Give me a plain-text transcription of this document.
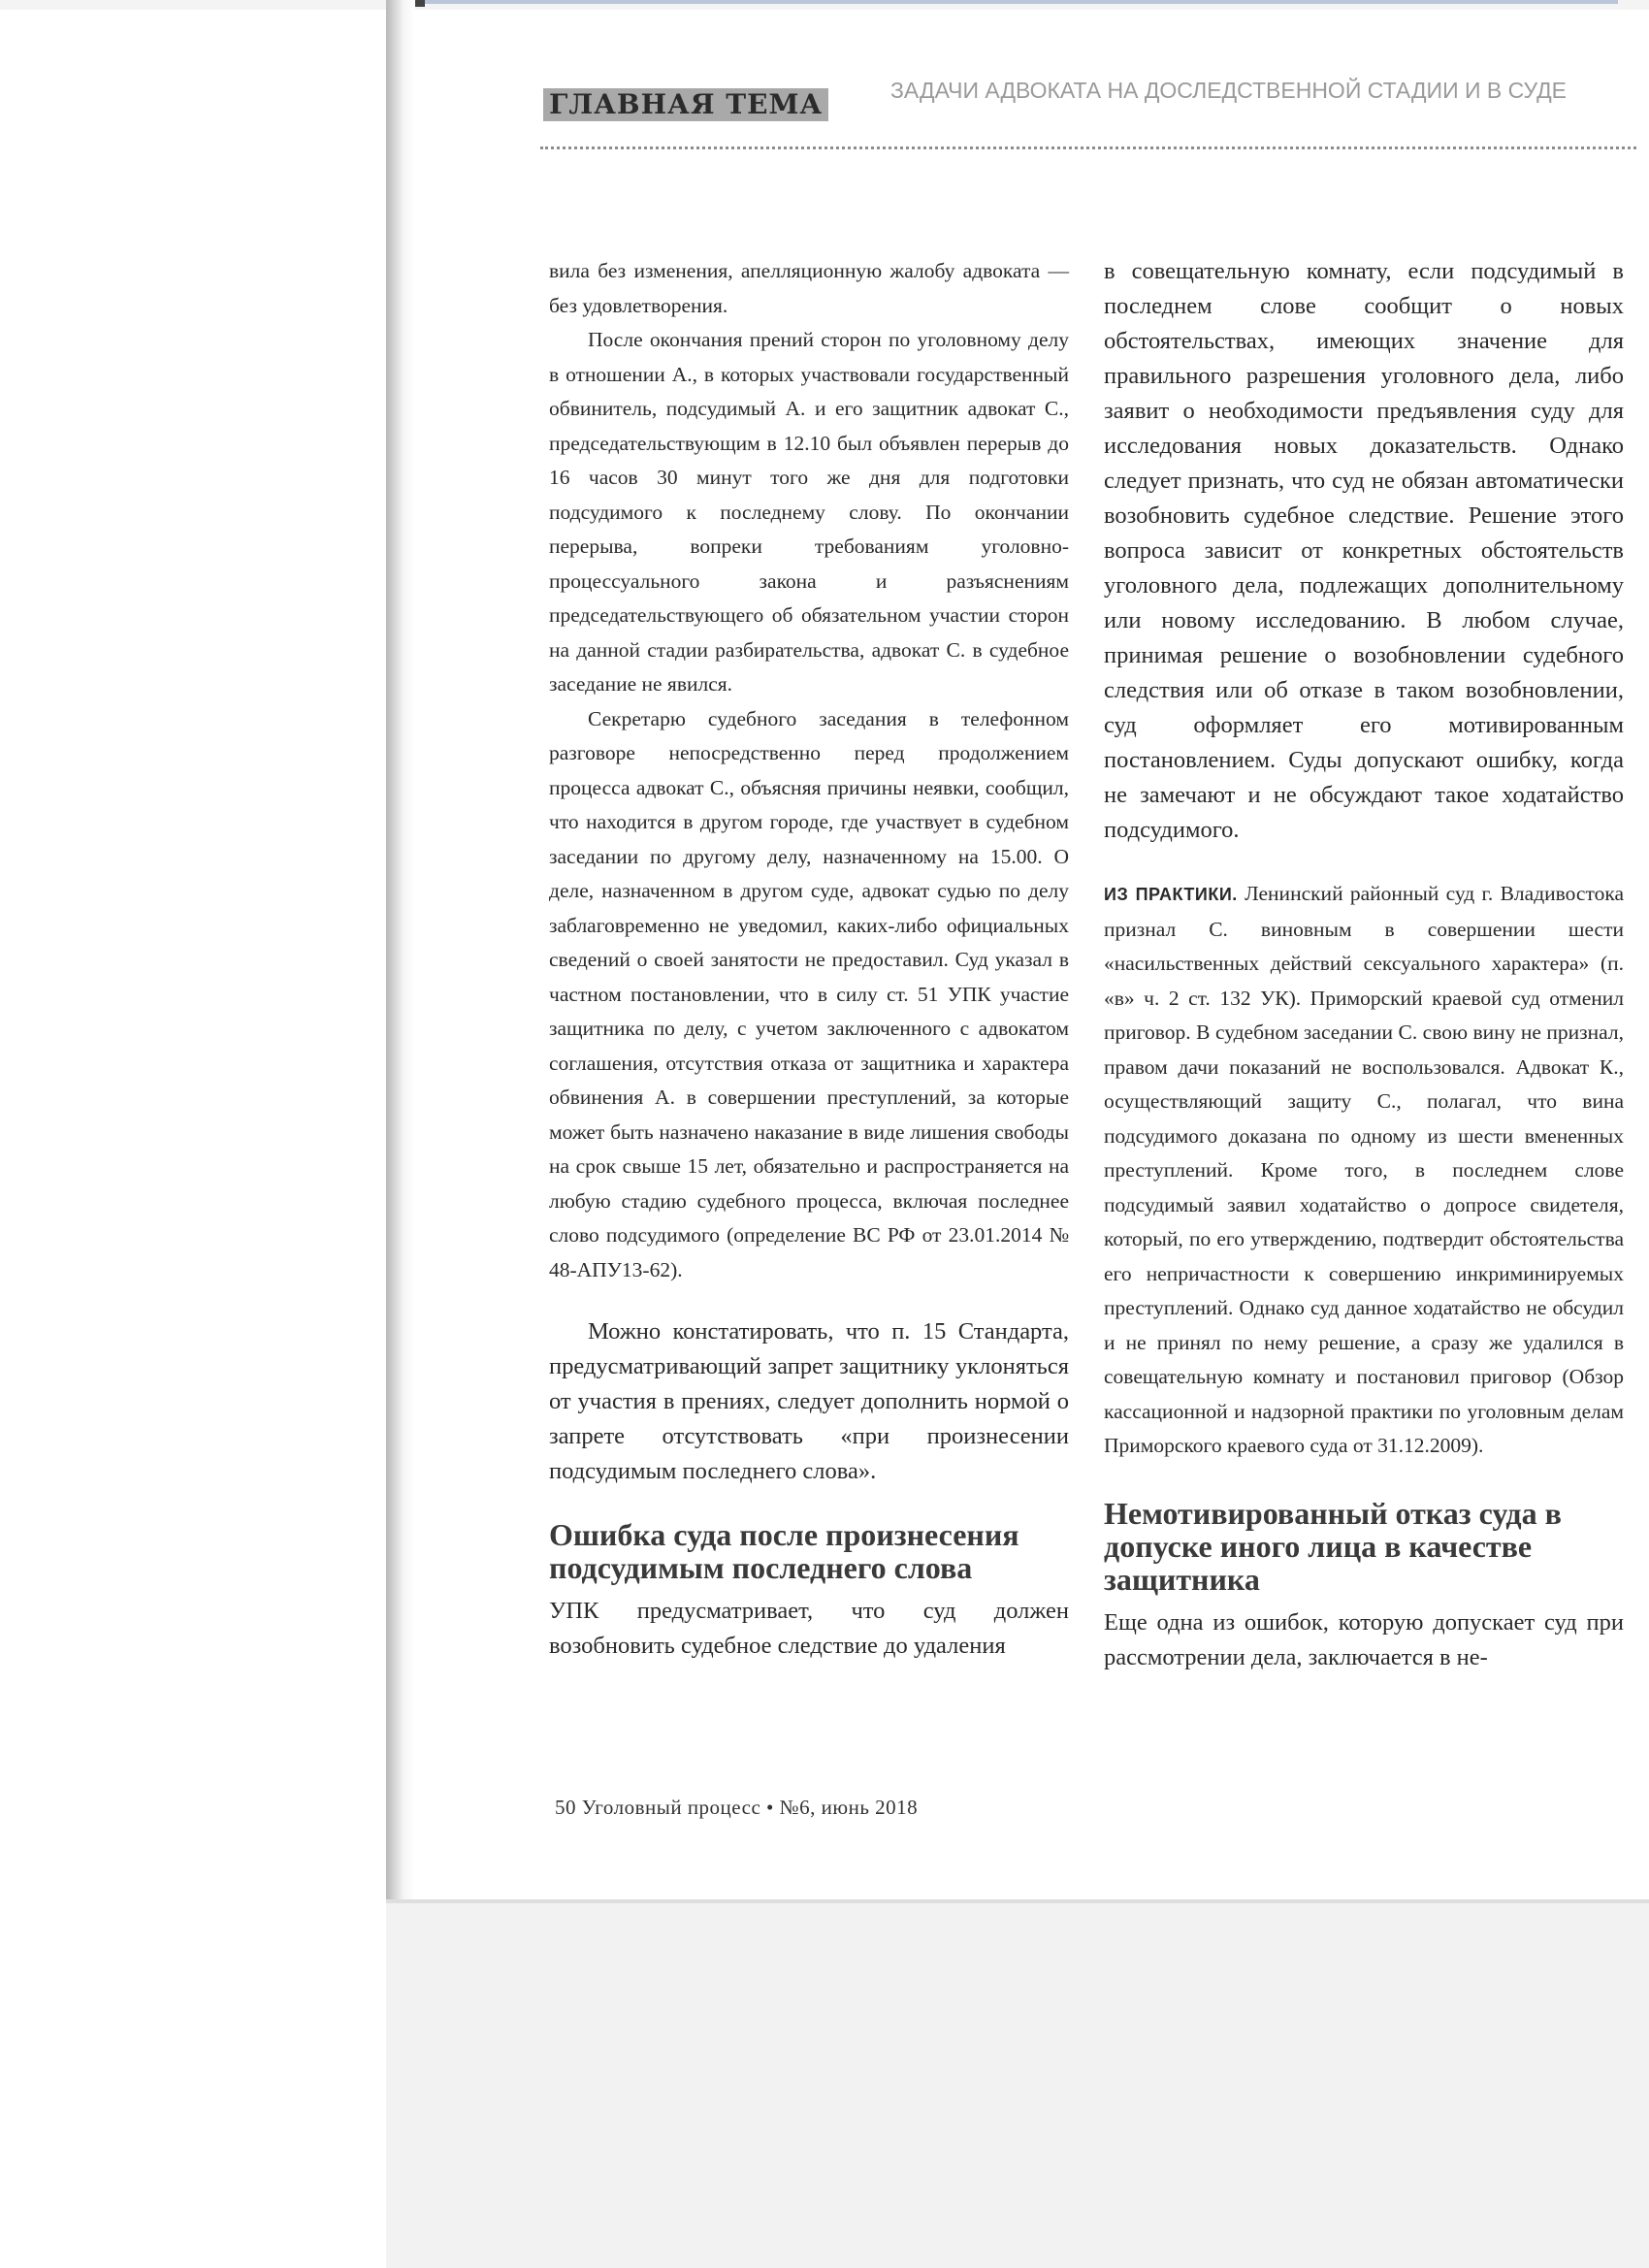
ГЛАВНАЯ ТЕМА	ЗАДАЧИ АДВОКАТА НА ДОСЛЕДСТВЕННОЙ СТАДИИ И В СУДЕ

вила без изменения, апелляционную жалобу адвоката — без удовлетворения.

После окончания прений сторон по уголовному делу в отношении А., в которых участвовали государственный обвинитель, подсудимый А. и его защитник адвокат С., председательствующим в 12.10 был объявлен перерыв до 16 часов 30 минут того же дня для подготовки подсудимого к последнему слову. По окончании перерыва, вопреки требованиям уголовно-процессуального закона и разъяснениям председательствующего об обязательном участии сторон на данной стадии разбирательства, адвокат С. в судебное заседание не явился.

Секретарю судебного заседания в телефонном разговоре непосредственно перед продолжением процесса адвокат С., объясняя причины неявки, сообщил, что находится в другом городе, где участвует в судебном заседании по другому делу, назначенному на 15.00. О деле, назначенном в другом суде, адвокат судью по делу заблаговременно не уведомил, каких-либо официальных сведений о своей занятости не предоставил. Суд указал в частном постановлении, что в силу ст. 51 УПК участие защитника по делу, с учетом заключенного с адвокатом соглашения, отсутствия отказа от защитника и характера обвинения А. в совершении преступлений, за которые может быть назначено наказание в виде лишения свободы на срок свыше 15 лет, обязательно и распространяется на любую стадию судебного процесса, включая последнее слово подсудимого (определение ВС РФ от 23.01.2014 № 48-АПУ13-62).

Можно констатировать, что п. 15 Стандарта, предусматривающий запрет защитнику уклоняться от участия в прениях, следует дополнить нормой о запрете отсутствовать «при произнесении подсудимым последнего слова».

Ошибка суда после произнесения подсудимым последнего слова

УПК предусматривает, что суд должен возобновить судебное следствие до удаления

в совещательную комнату, если подсудимый в последнем слове сообщит о новых обстоятельствах, имеющих значение для правильного разрешения уголовного дела, либо заявит о необходимости предъявления суду для исследования новых доказательств. Однако следует признать, что суд не обязан автоматически возобновить судебное следствие. Решение этого вопроса зависит от конкретных обстоятельств уголовного дела, подлежащих дополнительному или новому исследованию. В любом случае, принимая решение о возобновлении судебного следствия или об отказе в таком возобновлении, суд оформляет его мотивированным постановлением. Суды допускают ошибку, когда не замечают и не обсуждают такое ходатайство подсудимого.

ИЗ ПРАКТИКИ. Ленинский районный суд г. Владивостока признал С. виновным в совершении шести «насильственных действий сексуального характера» (п. «в» ч. 2 ст. 132 УК). Приморский краевой суд отменил приговор. В судебном заседании С. свою вину не признал, правом дачи показаний не воспользовался. Адвокат К., осуществляющий защиту С., полагал, что вина подсудимого доказана по одному из шести вмененных преступлений. Кроме того, в последнем слове подсудимый заявил ходатайство о допросе свидетеля, который, по его утверждению, подтвердит обстоятельства его непричастности к совершению инкриминируемых преступлений. Однако суд данное ходатайство не обсудил и не принял по нему решение, а сразу же удалился в совещательную комнату и постановил приговор (Обзор кассационной и надзорной практики по уголовным делам Приморского краевого суда от 31.12.2009).

Немотивированный отказ суда в допуске иного лица в качестве защитника

Еще одна из ошибок, которую допускает суд при рассмотрении дела, заключается в не-

50 Уголовный процесс • №6, июнь 2018
